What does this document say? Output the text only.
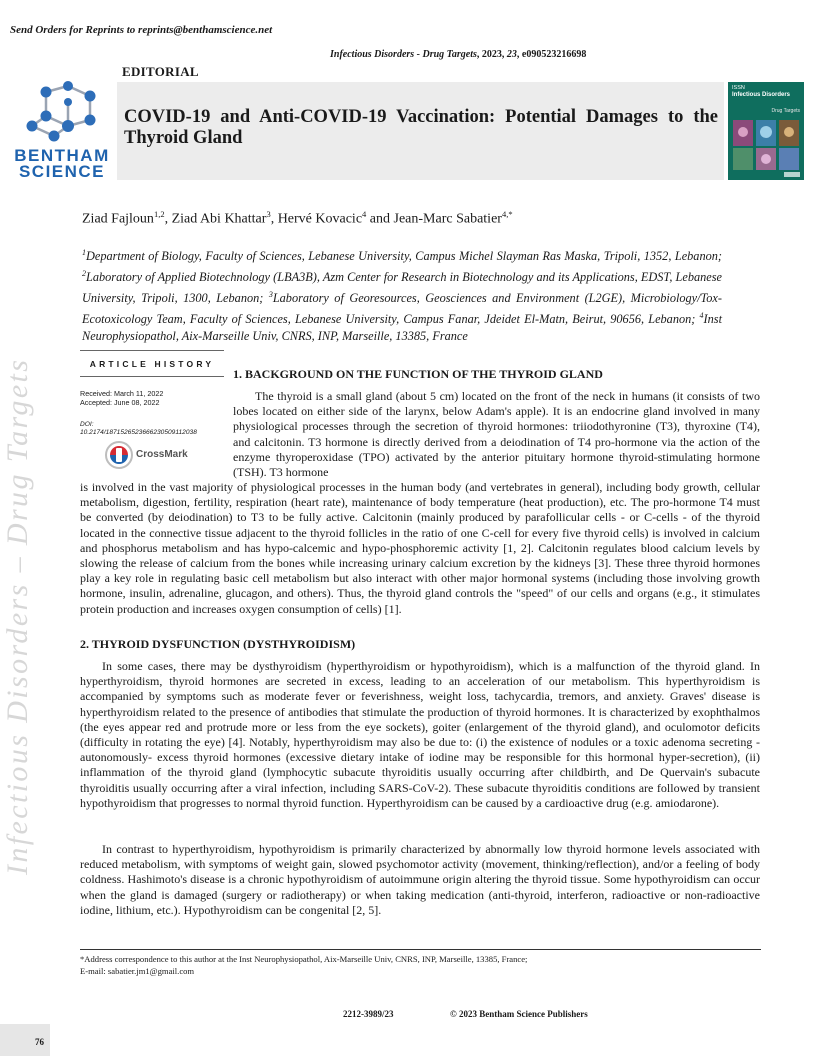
Send Orders for Reprints to reprints@benthamscience.net
Infectious Disorders - Drug Targets, 2023, 23, e090523216698
EDITORIAL
BENTHAM
SCIENCE
COVID-19 and Anti-COVID-19 Vaccination: Potential Damages to the Thyroid Gland
ISSN
Infectious Disorders
Drug Targets
Ziad Fajloun$^{1,2}$, Ziad Abi Khattar$^3$, Hervé Kovacic$^4$ and Jean-Marc Sabatier$^{4,*}$
$^1$Department of Biology, Faculty of Sciences, Lebanese University, Campus Michel Slayman Ras Maska, Tripoli, 1352, Lebanon; $^2$Laboratory of Applied Biotechnology (LBA3B), Azm Center for Research in Biotechnology and its Applications, EDST, Lebanese University, Tripoli, 1300, Lebanon; $^3$Laboratory of Georesources, Geosciences and Environment (L2GE), Microbiology/Tox-Ecotoxicology Team, Faculty of Sciences, Lebanese University, Campus Fanar, Jdeidet El-Matn, Beirut, 90656, Lebanon; $^4$Inst Neurophysiopathol, Aix-Marseille Univ, CNRS, INP, Marseille, 13385, France
ARTICLE HISTORY
Received: March 11, 2022
Accepted: June 08, 2022
DOI:
10.2174/1871526523666230509112038
CrossMark
Infectious Disorders – Drug Targets	1. BACKGROUND ON THE FUNCTION OF THE THYROID GLAND
The thyroid is a small gland (about 5 cm) located on the front of the neck in humans (it consists of two lobes located on either side of the larynx, below Adam's apple). It is an endocrine gland involved in many physiological processes through the secretion of thyroid hormones: triiodothyronine (T3), thyroxine (T4), and calcitonin. T3 hormone is directly derived from a deiodination of T4 pro-hormone via the action of the enzyme thyroperoxidase (TPO) activated by the anterior pituitary hormone thyroid-stimulating hormone (TSH). T3 hormone
is involved in the vast majority of physiological processes in the human body (and vertebrates in general), including body growth, cellular metabolism, digestion, fertility, respiration (heart rate), maintenance of body temperature (heat production), etc. The pro-hormone T4 must be converted (by deiodination) to T3 to be fully active. Calcitonin (mainly produced by parafollicular cells - or C-cells - of the thyroid located in the connective tissue adjacent to the thyroid follicles in the ratio of one C-cell for every five thyroid cells) is involved in calcium and phosphorus metabolism and has hypo-calcemic and hypo-phosphoremic activity [1, 2]. Calcitonin regulates blood calcium levels by slowing the release of calcium from the bones while increasing urinary calcium excretion by the kidneys [3]. These three thyroid hormones play a key role in regulating basic cell metabolism but also interact with other major hormonal systems (including those involving growth hormone, insulin, adrenaline, glucagon, and others). Thus, the thyroid gland controls the "speed" of our cells and organs (e.g., it stimulates protein production and increases oxygen consumption of cells) [1].
2. THYROID DYSFUNCTION (DYSTHYROIDISM)
In some cases, there may be dysthyroidism (hyperthyroidism or hypothyroidism), which is a malfunction of the thyroid gland. In hyperthyroidism, thyroid hormones are secreted in excess, leading to an acceleration of our metabolism. This hyperthyroidism is accompanied by symptoms such as moderate fever or feverishness, weight loss, tachycardia, tremors, and anxiety. Graves' disease is hyperthyroidism related to the presence of antibodies that stimulate the production of thyroid hormones. It is characterized by exophthalmos (the eyes appear red and protrude more or less from the eye sockets), goiter (enlargement of the thyroid gland), and oculomotor deficits (difficulty in rotating the eye) [4]. Notably, hyperthyroidism may also be due to: (i) the existence of nodules or a toxic adenoma secreting -autonomously- excess thyroid hormones (excessive dietary intake of iodine may be responsible for this hormonal hyper-secretion), (ii) inflammation of the thyroid gland (lymphocytic subacute thyroiditis usually occurring after childbirth, and De Quervain's subacute thyroiditis usually occurring after a viral infection, including SARS-CoV-2). These subacute thyroiditis conditions are followed by transient hypothyroidism that progresses to normal thyroid function. Hyperthyroidism can be caused by a cardioactive drug (e.g. amiodarone).
In contrast to hyperthyroidism, hypothyroidism is primarily characterized by abnormally low thyroid hormone levels associated with reduced metabolism, with symptoms of weight gain, slowed psychomotor activity (movement, thinking/reflection), and/or a feeling of body coldness. Hashimoto's disease is a chronic hypothyroidism of autoimmune origin altering the thyroid tissue. Some hypothyroidism can occur when the gland is damaged (surgery or radiotherapy) or when taking medication (anti-thyroid, interferon, radioactive or non-radioactive iodine, lithium, etc.). Hypothyroidism can be congenital [2, 5].
*Address correspondence to this author at the Inst Neurophysiopathol, Aix-Marseille Univ, CNRS, INP, Marseille, 13385, France;
E-mail: sabatier.jm1@gmail.com
2212-3989/23	© 2023 Bentham Science Publishers
76
